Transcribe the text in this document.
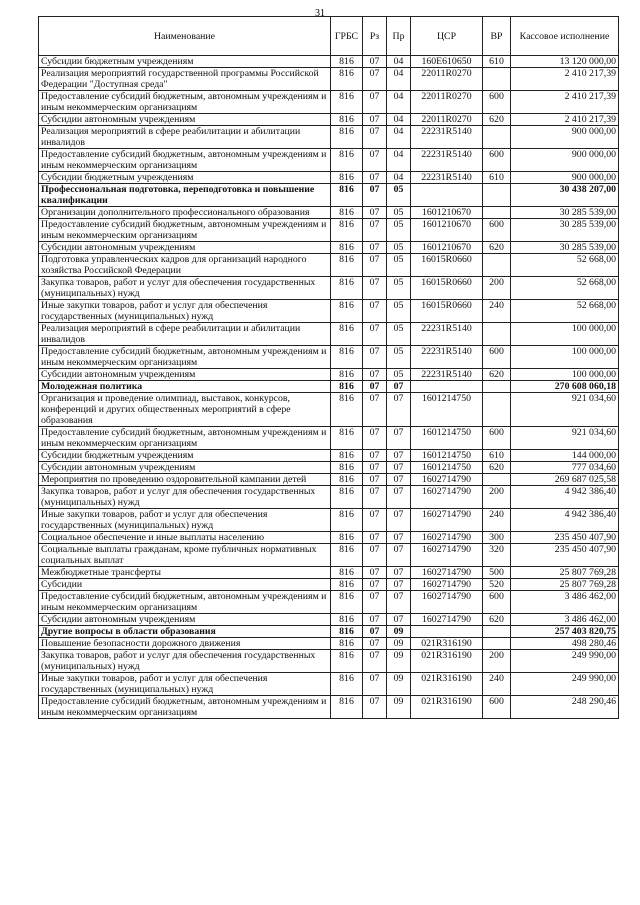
31
Наименование	ГРБС	Рз	Пр	ЦСР	ВР	Кассовое исполнение
Субсидии бюджетным учреждениям	816	07	04	160E610650	610	13 120 000,00
Реализация мероприятий государственной программы Российской Федерации "Доступная среда"	816	07	04	22011R0270		2 410 217,39
Предоставление субсидий бюджетным, автономным учреждениям и иным некоммерческим организациям	816	07	04	22011R0270	600	2 410 217,39
Субсидии автономным учреждениям	816	07	04	22011R0270	620	2 410 217,39
Реализация мероприятий в сфере реабилитации и абилитации инвалидов	816	07	04	22231R5140		900 000,00
Предоставление субсидий бюджетным, автономным учреждениям и иным некоммерческим организациям	816	07	04	22231R5140	600	900 000,00
Субсидии бюджетным учреждениям	816	07	04	22231R5140	610	900 000,00
Профессиональная подготовка, переподготовка и повышение квалификации	816	07	05			30 438 207,00
Организации дополнительного профессионального образования	816	07	05	1601210670		30 285 539,00
Предоставление субсидий бюджетным, автономным учреждениям и иным некоммерческим организациям	816	07	05	1601210670	600	30 285 539,00
Субсидии автономным учреждениям	816	07	05	1601210670	620	30 285 539,00
Подготовка управленческих кадров для организаций народного хозяйства Российской Федерации	816	07	05	16015R0660		52 668,00
Закупка товаров, работ и услуг для обеспечения государственных (муниципальных) нужд	816	07	05	16015R0660	200	52 668,00
Иные закупки товаров, работ и услуг для обеспечения государственных (муниципальных) нужд	816	07	05	16015R0660	240	52 668,00
Реализация мероприятий в сфере реабилитации и абилитации инвалидов	816	07	05	22231R5140		100 000,00
Предоставление субсидий бюджетным, автономным учреждениям и иным некоммерческим организациям	816	07	05	22231R5140	600	100 000,00
Субсидии автономным учреждениям	816	07	05	22231R5140	620	100 000,00
Молодежная политика	816	07	07			270 608 060,18
Организация и проведение олимпиад, выставок, конкурсов, конференций и других общественных мероприятий в сфере образования	816	07	07	1601214750		921 034,60
Предоставление субсидий бюджетным, автономным учреждениям и иным некоммерческим организациям	816	07	07	1601214750	600	921 034,60
Субсидии бюджетным учреждениям	816	07	07	1601214750	610	144 000,00
Субсидии автономным учреждениям	816	07	07	1601214750	620	777 034,60
Мероприятия по проведению оздоровительной кампании детей	816	07	07	1602714790		269 687 025,58
Закупка товаров, работ и услуг для обеспечения государственных (муниципальных) нужд	816	07	07	1602714790	200	4 942 386,40
Иные закупки товаров, работ и услуг для обеспечения государственных (муниципальных) нужд	816	07	07	1602714790	240	4 942 386,40
Социальное обеспечение и иные выплаты населению	816	07	07	1602714790	300	235 450 407,90
Социальные выплаты гражданам, кроме публичных нормативных социальных выплат	816	07	07	1602714790	320	235 450 407,90
Межбюджетные трансферты	816	07	07	1602714790	500	25 807 769,28
Субсидии	816	07	07	1602714790	520	25 807 769,28
Предоставление субсидий бюджетным, автономным учреждениям и иным некоммерческим организациям	816	07	07	1602714790	600	3 486 462,00
Субсидии автономным учреждениям	816	07	07	1602714790	620	3 486 462,00
Другие вопросы в области образования	816	07	09			257 403 820,75
Повышение безопасности дорожного движения	816	07	09	021R316190		498 280,46
Закупка товаров, работ и услуг для обеспечения государственных (муниципальных) нужд	816	07	09	021R316190	200	249 990,00
Иные закупки товаров, работ и услуг для обеспечения государственных (муниципальных) нужд	816	07	09	021R316190	240	249 990,00
Предоставление субсидий бюджетным, автономным учреждениям и иным некоммерческим организациям	816	07	09	021R316190	600	248 290,46
